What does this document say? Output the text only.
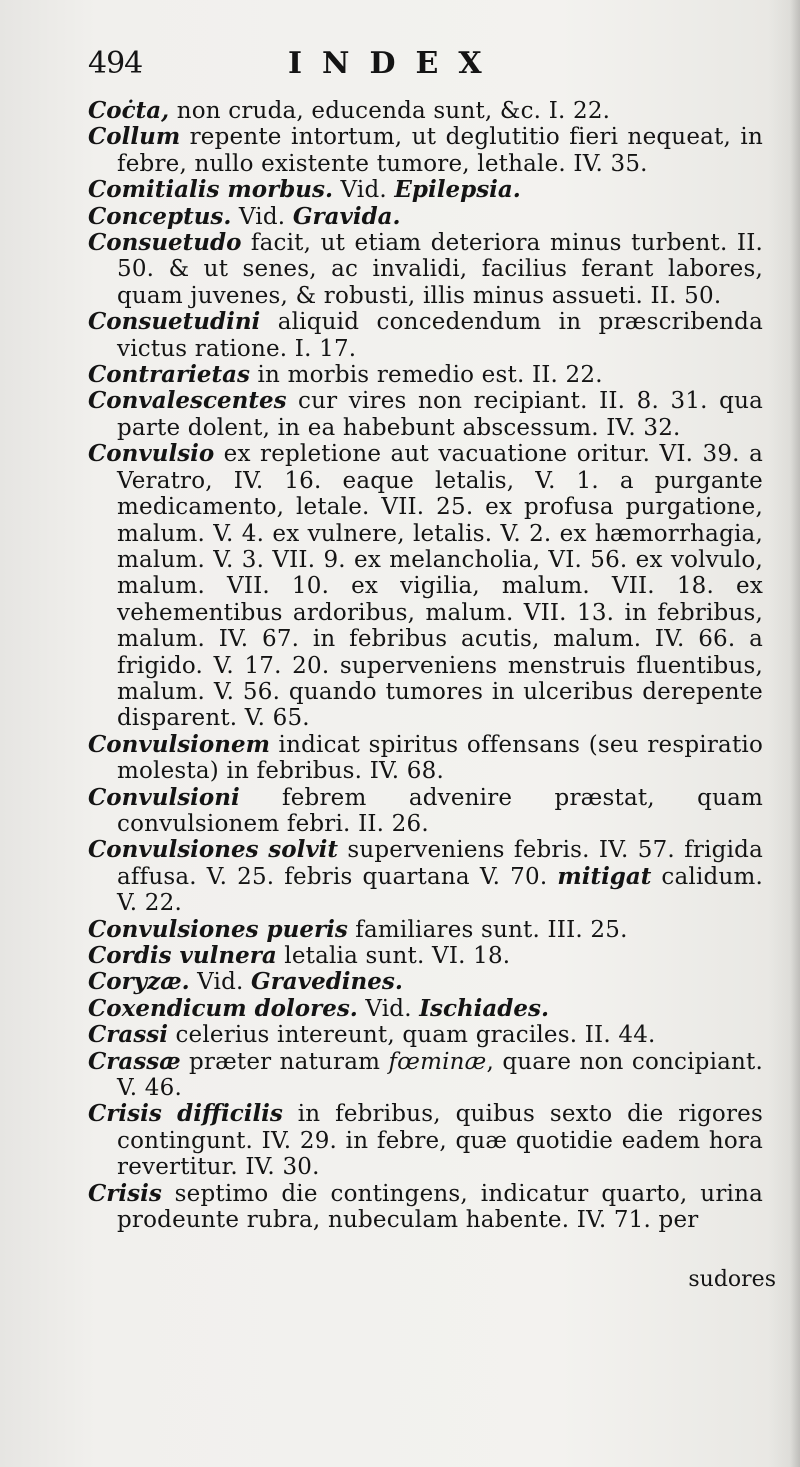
494	INDEX

Coċta, non cruda, educenda sunt, &c. I. 22.

Collum repente intortum, ut deglutitio fieri nequeat, in febre, nullo existente tumore, lethale. IV. 35.

Comitialis morbus. Vid. Epilepsia.

Conceptus. Vid. Gravida.

Consuetudo facit, ut etiam deteriora minus turbent. II. 50. & ut senes, ac invalidi, facilius ferant labores, quam juvenes, & robusti, illis minus assueti. II. 50.

Consuetudini aliquid concedendum in præscribenda victus ratione. I. 17.

Contrarietas in morbis remedio est. II. 22.

Convalescentes cur vires non recipiant. II. 8. 31. qua parte dolent, in ea habebunt abscessum. IV. 32.

Convulsio ex repletione aut vacuatione oritur. VI. 39. a Veratro, IV. 16. eaque letalis, V. 1. a purgante medicamento, letale. VII. 25. ex profusa purgatione, malum. V. 4. ex vulnere, letalis. V. 2. ex hæmorrhagia, malum. V. 3. VII. 9. ex melancholia, VI. 56. ex volvulo, malum. VII. 10. ex vigilia, malum. VII. 18. ex vehementibus ardoribus, malum. VII. 13. in febribus, malum. IV. 67. in febribus acutis, malum. IV. 66. a frigido. V. 17. 20. superveniens menstruis fluentibus, malum. V. 56. quando tumores in ulceribus derepente disparent. V. 65.

Convulsionem indicat spiritus offensans (seu respiratio molesta) in febribus. IV. 68.

Convulsioni febrem advenire præstat, quam convulsionem febri. II. 26.

Convulsiones solvit superveniens febris. IV. 57. frigida affusa. V. 25. febris quartana V. 70. mitigat calidum. V. 22.

Convulsiones pueris familiares sunt. III. 25.

Cordis vulnera letalia sunt. VI. 18.

Coryzæ. Vid. Gravedines.

Coxendicum dolores. Vid. Ischiades.

Crassi celerius intereunt, quam graciles. II. 44.

Crassæ præter naturam fœminæ, quare non concipiant. V. 46.

Crisis difficilis in febribus, quibus sexto die rigores contingunt. IV. 29. in febre, quæ quotidie eadem hora revertitur. IV. 30.

Crisis septimo die contingens, indicatur quarto, urina prodeunte rubra, nubeculam habente. IV. 71. per

sudores
